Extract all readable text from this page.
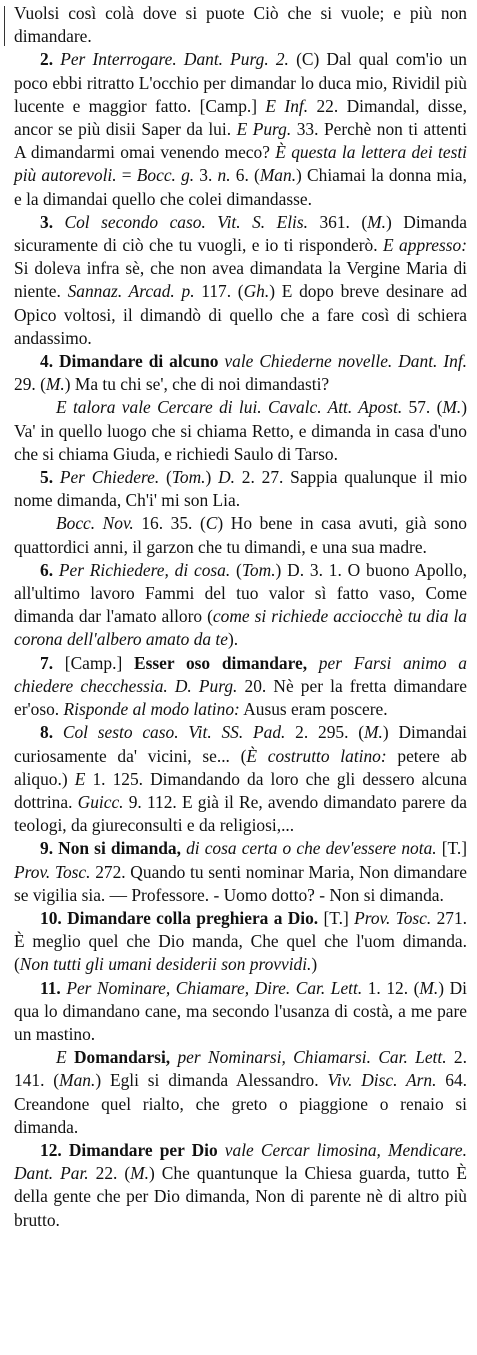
Vuolsi così colà dove si puote Ciò che si vuole; e più non dimandare.

2. Per Interrogare. Dant. Purg. 2. (C) Dal qual com'io un poco ebbi ritratto L'occhio per dimandar lo duca mio, Rividil più lucente e maggior fatto. [Camp.] E Inf. 22. Dimandal, disse, ancor se più disii Saper da lui. E Purg. 33. Perchè non ti attenti A dimandarmi omai venendo meco? È questa la lettera dei testi più autorevoli. = Bocc. g. 3. n. 6. (Man.) Chiamai la donna mia, e la dimandai quello che colei dimandasse.

3. Col secondo caso. Vit. S. Elis. 361. (M.) Dimanda sicuramente di ciò che tu vuogli, e io ti risponderò. E appresso: Si doleva infra sè, che non avea dimandata la Vergine Maria di niente. Sannaz. Arcad. p. 117. (Gh.) E dopo breve desinare ad Opico voltosi, il dimandò di quello che a fare così di schiera andassimo.

4. Dimandare di alcuno vale Chiederne novelle. Dant. Inf. 29. (M.) Ma tu chi se', che di noi dimandasti?

E talora vale Cercare di lui. Cavalc. Att. Apost. 57. (M.) Va' in quello luogo che si chiama Retto, e dimanda in casa d'uno che si chiama Giuda, e richiedi Saulo di Tarso.

5. Per Chiedere. (Tom.) D. 2. 27. Sappia qualunque il mio nome dimanda, Ch'i' mi son Lia.

Bocc. Nov. 16. 35. (C) Ho bene in casa avuti, già sono quattordici anni, il garzon che tu dimandi, e una sua madre.

6. Per Richiedere, di cosa. (Tom.) D. 3. 1. O buono Apollo, all'ultimo lavoro Fammi del tuo valor sì fatto vaso, Come dimanda dar l'amato alloro (come si richiede acciocchè tu dia la corona dell'albero amato da te).

7. [Camp.] Esser oso dimandare, per Farsi animo a chiedere checchessia. D. Purg. 20. Nè per la fretta dimandare er'oso. Risponde al modo latino: Ausus eram poscere.

8. Col sesto caso. Vit. SS. Pad. 2. 295. (M.) Dimandai curiosamente da' vicini, se... (È costrutto latino: petere ab aliquo.) E 1. 125. Dimandando da loro che gli dessero alcuna dottrina. Guicc. 9. 112. E già il Re, avendo dimandato parere da teologi, da giureconsulti e da religiosi,...

9. Non si dimanda, di cosa certa o che dev'essere nota. [T.] Prov. Tosc. 272. Quando tu senti nominar Maria, Non dimandare se vigilia sia. — Professore. - Uomo dotto? - Non si dimanda.

10. Dimandare colla preghiera a Dio. [T.] Prov. Tosc. 271. È meglio quel che Dio manda, Che quel che l'uom dimanda. (Non tutti gli umani desiderii son provvidi.)

11. Per Nominare, Chiamare, Dire. Car. Lett. 1. 12. (M.) Di qua lo dimandano cane, ma secondo l'usanza di costà, a me pare un mastino.

E Domandarsi, per Nominarsi, Chiamarsi. Car. Lett. 2. 141. (Man.) Egli si dimanda Alessandro. Viv. Disc. Arn. 64. Creandone quel rialto, che greto o piaggione o renaio si dimanda.

12. Dimandare per Dio vale Cercar limosina, Mendicare. Dant. Par. 22. (M.) Che quantunque la Chiesa guarda, tutto È della gente che per Dio dimanda, Non di parente nè di altro più brutto.
